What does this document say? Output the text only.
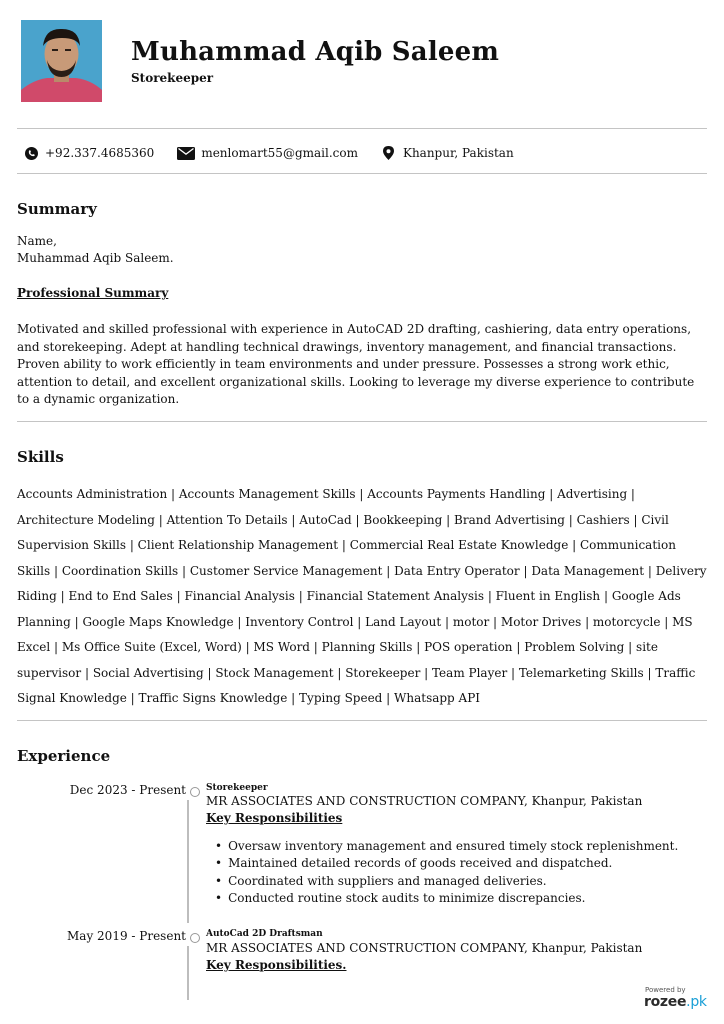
Muhammad Aqib Saleem
Storekeeper
+92.337.4685360	menlomart55@gmail.com	Khanpur, Pakistan
Summary
Name,
Muhammad Aqib Saleem.
Professional Summary
Motivated and skilled professional with experience in AutoCAD 2D drafting, cashiering, data entry operations, and storekeeping. Adept at handling technical drawings, inventory management, and financial transactions. Proven ability to work efficiently in team environments and under pressure. Possesses a strong work ethic, attention to detail, and excellent organizational skills. Looking to leverage my diverse experience to contribute to a dynamic organization.
Skills
Accounts Administration | Accounts Management Skills | Accounts Payments Handling | Advertising | Architecture Modeling | Attention To Details | AutoCad | Bookkeeping | Brand Advertising | Cashiers | Civil Supervision Skills | Client Relationship Management | Commercial Real Estate Knowledge | Communication Skills | Coordination Skills | Customer Service Management | Data Entry Operator | Data Management | Delivery Riding | End to End Sales | Financial Analysis | Financial Statement Analysis | Fluent in English | Google Ads Planning | Google Maps Knowledge | Inventory Control | Land Layout | motor | Motor Drives | motorcycle | MS Excel | Ms Office Suite (Excel, Word) | MS Word | Planning Skills | POS operation | Problem Solving | site supervisor | Social Advertising | Stock Management | Storekeeper | Team Player | Telemarketing Skills | Traffic Signal Knowledge | Traffic Signs Knowledge | Typing Speed | Whatsapp API
Experience
Dec 2023 - Present Storekeeper
MR ASSOCIATES AND CONSTRUCTION COMPANY, Khanpur, Pakistan
Key Responsibilities
• Oversaw inventory management and ensured timely stock replenishment.
• Maintained detailed records of goods received and dispatched.
• Coordinated with suppliers and managed deliveries.
• Conducted routine stock audits to minimize discrepancies.
May 2019 - Present AutoCad 2D Draftsman
MR ASSOCIATES AND CONSTRUCTION COMPANY, Khanpur, Pakistan
Key Responsibilities.
Powered by
rozee.pk
